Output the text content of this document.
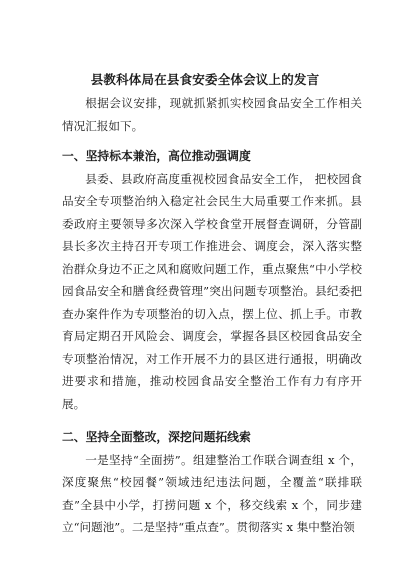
县教科体局在县食安委全体会议上的发言

根据会议安排，现就抓紧抓实校园食品安全工作相关情况汇报如下。

一、坚持标本兼治，高位推动强调度

县委、县政府高度重视校园食品安全工作， 把校园食品安全专项整治纳入稳定社会民生大局重要工作来抓。县委政府主要领导多次深入学校食堂开展督查调研，分管副县长多次主持召开专项工作推进会、调度会，深入落实整治群众身边不正之风和腐败问题工作，重点聚焦“中小学校园食品安全和膳食经费管理”突出问题专项整治。县纪委把查办案件作为专项整治的切入点，摆上位、抓上手。市教育局定期召开风险会、调度会，掌握各县区校园食品安全专项整治情况，对工作开展不力的县区进行通报，明确改进要求和措施，推动校园食品安全整治工作有力有序开展。

二、坚持全面整改，深挖问题拓线索

一是坚持“全面捞”。组建整治工作联合调查组 x 个，深度聚焦“校园餐”领域违纪违法问题，全覆盖“联排联查”全县中小学，打捞问题 x 个，移交线索 x 个，同步建立“问题池”。二是坚持“重点查”。贯彻落实 x 集中整治领
